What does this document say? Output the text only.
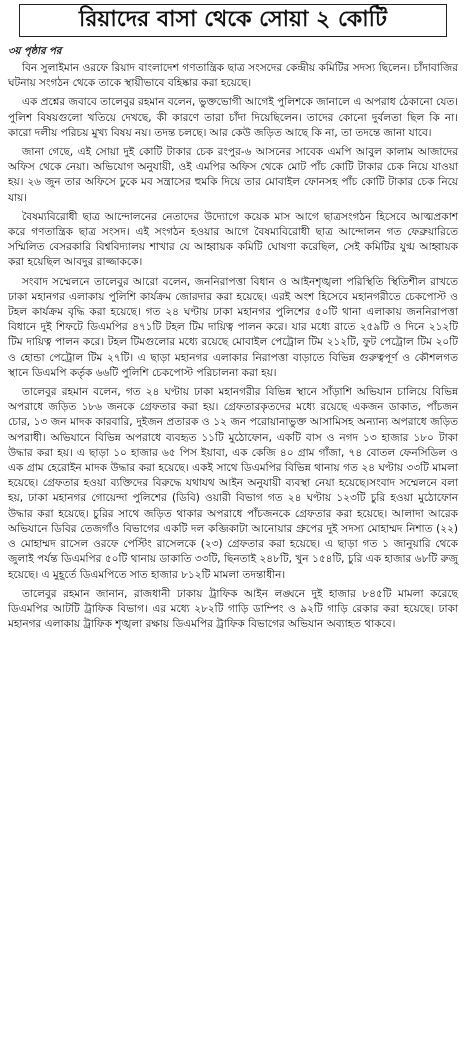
রিয়াদের বাসা থেকে সোয়া ২ কোটি
৩য় পৃষ্ঠার পর

বিন সুলাইমান ওরফে রিয়াদ বাংলাদেশ গণতান্ত্রিক ছাত্র সংসদের কেন্দ্রীয় কমিটির সদস্য ছিলেন। চাঁদাবাজির ঘটনায় সংগঠন থেকে তাকে স্থায়ীভাবে বহিষ্কার করা হয়েছে।

এক প্রশ্নের জবাবে তালেবুর রহমান বলেন, ভুক্তভোগী আগেই পুলিশকে জানালে এ অপরাধ ঠেকানো যেত। পুলিশ বিষয়গুলো খতিয়ে দেখছে, কী কারণে তারা চাঁদা দিয়েছিলেন। তাদের কোনো দুর্বলতা ছিল কি না। কারো দলীয় পরিচয় মুখ্য বিষয় নয়। তদন্ত চলছে। আর কেউ জড়িত আছে কি না, তা তদন্তে জানা যাবে।

জানা গেছে, এই সোয়া দুই কোটি টাকার চেক রংপুর-৬ আসনের সাবেক এমপি আবুল কালাম আজাদের অফিস থেকে নেয়া। অভিযোগ অনুযায়ী, ওই এমপির অফিস থেকে মোট পাঁচ কোটি টাকার চেক নিয়ে যাওয়া হয়। ২৬ জুন তার অফিসে ঢুকে মব সন্ত্রাসের হুমকি দিয়ে তার মোবাইল ফোনসহ পাঁচ কোটি টাকার চেক নিয়ে যায়।

বৈষম্যবিরোধী ছাত্র আন্দোলনের নেতাদের উদ্যোগে কয়েক মাস আগে ছাত্রসংগঠন হিসেবে আত্মপ্রকাশ করে গণতান্ত্রিক ছাত্র সংসদ। এই সংগঠন হওয়ার আগে বৈষম্যবিরোধী ছাত্র আন্দোলন গত ফেব্রুয়ারিতে সম্মিলিত বেসরকারি বিশ্ববিদ্যালয় শাখার যে আহ্বায়ক কমিটি ঘোষণা করেছিল, সেই কমিটির যুগ্ম আহ্বায়ক করা হয়েছিল আবদুর রাজ্জাককে।

সংবাদ সম্মেলনে তালেবুর আরো বলেন, জননিরাপত্তা বিধান ও আইনশৃঙ্খলা পরিস্থিতি স্থিতিশীল রাখতে ঢাকা মহানগর এলাকায় পুলিশি কার্যক্রম জোরদার করা হয়েছে। এরই অংশ হিসেবে মহানগরীতে চেকপোস্ট ও টহল কার্যক্রম বৃদ্ধি করা হয়েছে। গত ২৪ ঘণ্টায় ঢাকা মহানগর পুলিশের ৫০টি থানা এলাকায় জননিরাপত্তা বিধানে দুই শিফটে ডিএমপির ৪৭১টি টহল টিম দায়িত্ব পালন করে। যার মধ্যে রাতে ২৫৯টি ও দিনে ২১২টি টিম দায়িত্ব পালন করে। টহল টিমগুলোর মধ্যে রয়েছে মোবাইল পেট্রোল টিম ২১২টি, ফুট পেট্রোল টিম ২০টি ও হোন্ডা পেট্রোল টিম ২৭টি। এ ছাড়া মহানগর এলাকার নিরাপত্তা বাড়াতে বিভিন্ন গুরুত্বপূর্ণ ও কৌশলগত স্থানে ডিএমপি কর্তৃক ৬৬টি পুলিশি চেকপোস্ট পরিচালনা করা হয়।

তালেবুর রহমান বলেন, গত ২৪ ঘণ্টায় ঢাকা মহানগরীর বিভিন্ন স্থানে সাঁড়াশি অভিযান চালিয়ে বিভিন্ন অপরাধে জড়িত ১৮৬ জনকে গ্রেফতার করা হয়। গ্রেফতারকৃতদের মধ্যে রয়েছে একজন ডাকাত, পাঁচজন চোর, ১৩ জন মাদক কারবারি, দুইজন প্রতারক ও ১২ জন পরোয়ানাভুক্ত আসামিসহ অন্যান্য অপরাধে জড়িত অপরাধী। অভিযানে বিভিন্ন অপরাধে ব্যবহৃত ১১টি মুঠোফোন, একটি বাস ও নগদ ১৩ হাজার ১৮০ টাকা উদ্ধার করা হয়। এ ছাড়া ১০ হাজার ৬৫ পিস ইয়াবা, এক কেজি ৪০ গ্রাম গাঁজা, ৭৪ বোতল ফেনসিডিল ও এক গ্রাম হেরোইন মাদক উদ্ধার করা হয়েছে। একই সাথে ডিএমপির বিভিন্ন থানায় গত ২৪ ঘণ্টায় ৩৩টি মামলা হয়েছে। গ্রেফতার হওয়া ব্যক্তিদের বিরুদ্ধে যথাযথ আইন অনুযায়ী ব্যবস্থা নেয়া হয়েছে।সংবাদ সম্মেলনে বলা হয়, ঢাকা মহানগর গোয়েন্দা পুলিশের (ডিবি) ওয়ারী বিভাগ গত ২৪ ঘণ্টায় ১২৩টি চুরি হওয়া মুঠোফোন উদ্ধার করা হয়েছে। চুরির সাথে জড়িত থাকার অপরাধে পাঁচজনকে গ্রেফতার করা হয়েছে। আলাদা আরেক অভিযানে ডিবির তেজগাঁও বিভাগের একটি দল কব্জিকাটা আনোয়ার গ্রুপের দুই সদস্য মোহাম্মদ নিশাত (২২) ও মোহাম্মদ রাসেল ওরফে পেস্টিং রাসেলকে (২৩) গ্রেফতার করা হয়েছে। এ ছাড়া গত ১ জানুয়ারি থেকে জুলাই পর্যন্ত ডিএমপির ৫০টি থানায় ডাকাতি ৩৩টি, ছিনতাই ২৪৮টি, খুন ১৫৪টি, চুরি এক হাজার ৬৮টি রুজু হয়েছে। এ মুহূর্তে ডিএমপিতে সাত হাজার ৮১২টি মামলা তদন্তাধীন।

তালেবুর রহমান জানান, রাজধানী ঢাকায় ট্রাফিক আইন লঙ্ঘনে দুই হাজার ৮৪৫টি মামলা করেছে ডিএমপির আটটি ট্রাফিক বিভাগ। এর মধ্যে ২৮২টি গাড়ি ডাম্পিং ও ৯২টি গাড়ি রেকার করা হয়েছে। ঢাকা মহানগর এলাকায় ট্রাফিক শৃঙ্খলা রক্ষায় ডিএমপির ট্রাফিক বিভাগের অভিযান অব্যাহত থাকবে।
